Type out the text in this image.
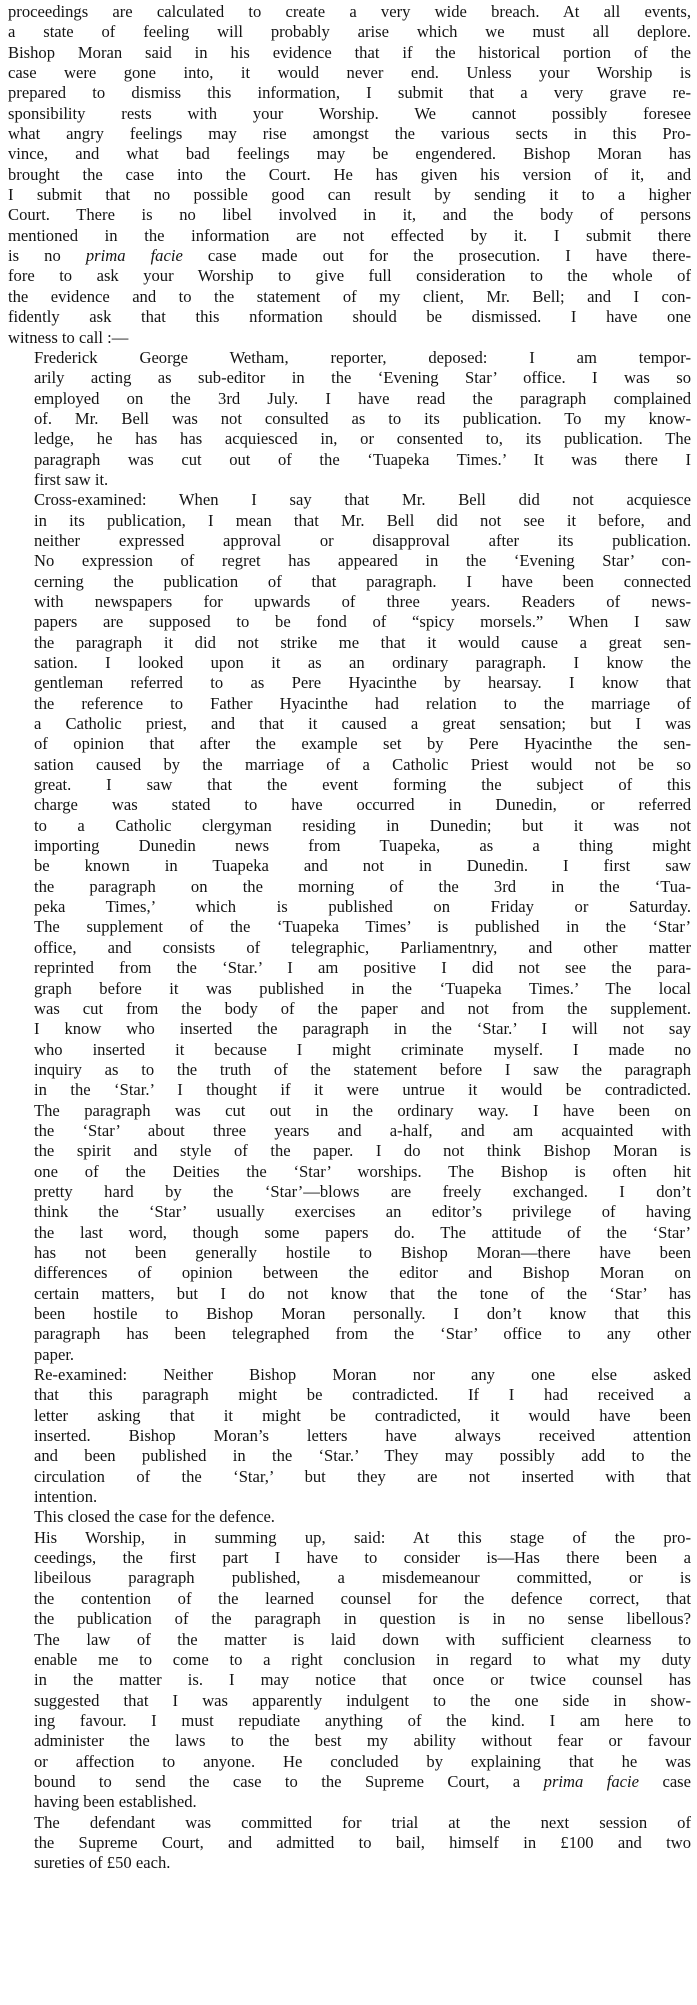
proceedings are calculated to create a very wide breach. At all events,
a state of feeling will probably arise which we must all deplore.
Bishop Moran said in his evidence that if the historical portion of the
case were gone into, it would never end. Unless your Worship is
prepared to dismiss this information, I submit that a very grave re-
sponsibility rests with your Worship. We cannot possibly foresee
what angry feelings may rise amongst the various sects in this Pro-
vince, and what bad feelings may be engendered. Bishop Moran has
brought the case into the Court. He has given his version of it, and
I submit that no possible good can result by sending it to a higher
Court. There is no libel involved in it, and the body of persons
mentioned in the information are not effected by it. I submit there
is no prima facie case made out for the prosecution. I have there-
fore to ask your Worship to give full consideration to the whole of
the evidence and to the statement of my client, Mr. Bell; and I con-
fidently ask that this nformation should be dismissed. I have one
witness to call :—

Frederick George Wetham, reporter, deposed: I am tempor-
arily acting as sub-editor in the ‘Evening Star’ office. I was so
employed on the 3rd July. I have read the paragraph complained
of. Mr. Bell was not consulted as to its publication. To my know-
ledge, he has has acquiesced in, or consented to, its publication. The
paragraph was cut out of the ‘Tuapeka Times.’ It was there I
first saw it.

Cross-examined: When I say that Mr. Bell did not acquiesce
in its publication, I mean that Mr. Bell did not see it before, and
neither expressed approval or disapproval after its publication.
No expression of regret has appeared in the ‘Evening Star’ con-
cerning the publication of that paragraph. I have been connected
with newspapers for upwards of three years. Readers of news-
papers are supposed to be fond of “spicy morsels.” When I saw
the paragraph it did not strike me that it would cause a great sen-
sation. I looked upon it as an ordinary paragraph. I know the
gentleman referred to as Pere Hyacinthe by hearsay. I know that
the reference to Father Hyacinthe had relation to the marriage of
a Catholic priest, and that it caused a great sensation; but I was
of opinion that after the example set by Pere Hyacinthe the sen-
sation caused by the marriage of a Catholic Priest would not be so
great. I saw that the event forming the subject of this
charge was stated to have occurred in Dunedin, or referred
to a Catholic clergyman residing in Dunedin; but it was not
importing Dunedin news from Tuapeka, as a thing might
be known in Tuapeka and not in Dunedin. I first saw
the paragraph on the morning of the 3rd in the ‘Tua-
peka Times,’ which is published on Friday or Saturday.
The supplement of the ‘Tuapeka Times’ is published in the ‘Star’
office, and consists of telegraphic, Parliamentnry, and other matter
reprinted from the ‘Star.’ I am positive I did not see the para-
graph before it was published in the ‘Tuapeka Times.’ The local
was cut from the body of the paper and not from the supplement.
I know who inserted the paragraph in the ‘Star.’ I will not say
who inserted it because I might criminate myself. I made no
inquiry as to the truth of the statement before I saw the paragraph
in the ‘Star.’ I thought if it were untrue it would be contradicted.
The paragraph was cut out in the ordinary way. I have been on
the ‘Star’ about three years and a-half, and am acquainted with
the spirit and style of the paper. I do not think Bishop Moran is
one of the Deities the ‘Star’ worships. The Bishop is often hit
pretty hard by the ‘Star’—blows are freely exchanged. I don’t
think the ‘Star’ usually exercises an editor’s privilege of having
the last word, though some papers do. The attitude of the ‘Star’
has not been generally hostile to Bishop Moran—there have been
differences of opinion between the editor and Bishop Moran on
certain matters, but I do not know that the tone of the ‘Star’ has
been hostile to Bishop Moran personally. I don’t know that this
paragraph has been telegraphed from the ‘Star’ office to any other
paper.

Re-examined: Neither Bishop Moran nor any one else asked
that this paragraph might be contradicted. If I had received a
letter asking that it might be contradicted, it would have been
inserted. Bishop Moran’s letters have always received attention
and been published in the ‘Star.’ They may possibly add to the
circulation of the ‘Star,’ but they are not inserted with that
intention.

This closed the case for the defence.

His Worship, in summing up, said: At this stage of the pro-
ceedings, the first part I have to consider is—Has there been a
libeilous paragraph published, a misdemeanour committed, or is
the contention of the learned counsel for the defence correct, that
the publication of the paragraph in question is in no sense libellous?
The law of the matter is laid down with sufficient clearness to
enable me to come to a right conclusion in regard to what my duty
in the matter is. I may notice that once or twice counsel has
suggested that I was apparently indulgent to the one side in show-
ing favour. I must repudiate anything of the kind. I am here to
administer the laws to the best my ability without fear or favour
or affection to anyone. He concluded by explaining that he was
bound to send the case to the Supreme Court, a prima facie case
having been established.

The defendant was committed for trial at the next session of
the Supreme Court, and admitted to bail, himself in £100 and two
sureties of £50 each.
